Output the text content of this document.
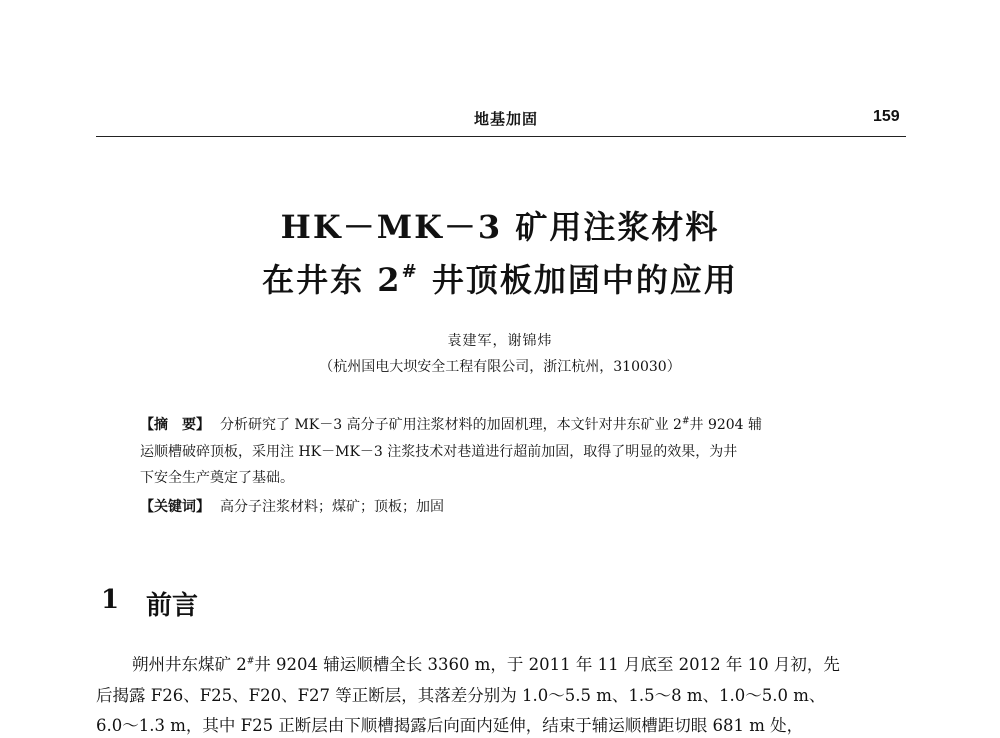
地基加固	159
HK－MK－3 矿用注浆材料
在井东 2# 井顶板加固中的应用
袁建军，谢锦炜
（杭州国电大坝安全工程有限公司，浙江杭州，310030）
【摘　要】 分析研究了 MK－3 高分子矿用注浆材料的加固机理，本文针对井东矿业 2#井 9204 辅
运顺槽破碎顶板，采用注 HK－MK－3 注浆技术对巷道进行超前加固，取得了明显的效果，为井
下安全生产奠定了基础。
【关键词】 高分子注浆材料；煤矿；顶板；加固
1 前言
朔州井东煤矿 2#井 9204 辅运顺槽全长 3360 m，于 2011 年 11 月底至 2012 年 10 月初，先
后揭露 F26、F25、F20、F27 等正断层，其落差分别为 1.0～5.5 m、1.5～8 m、1.0～5.0 m、
6.0～1.3 m，其中 F25 正断层由下顺槽揭露后向面内延伸，结束于辅运顺槽距切眼 681 m 处，
